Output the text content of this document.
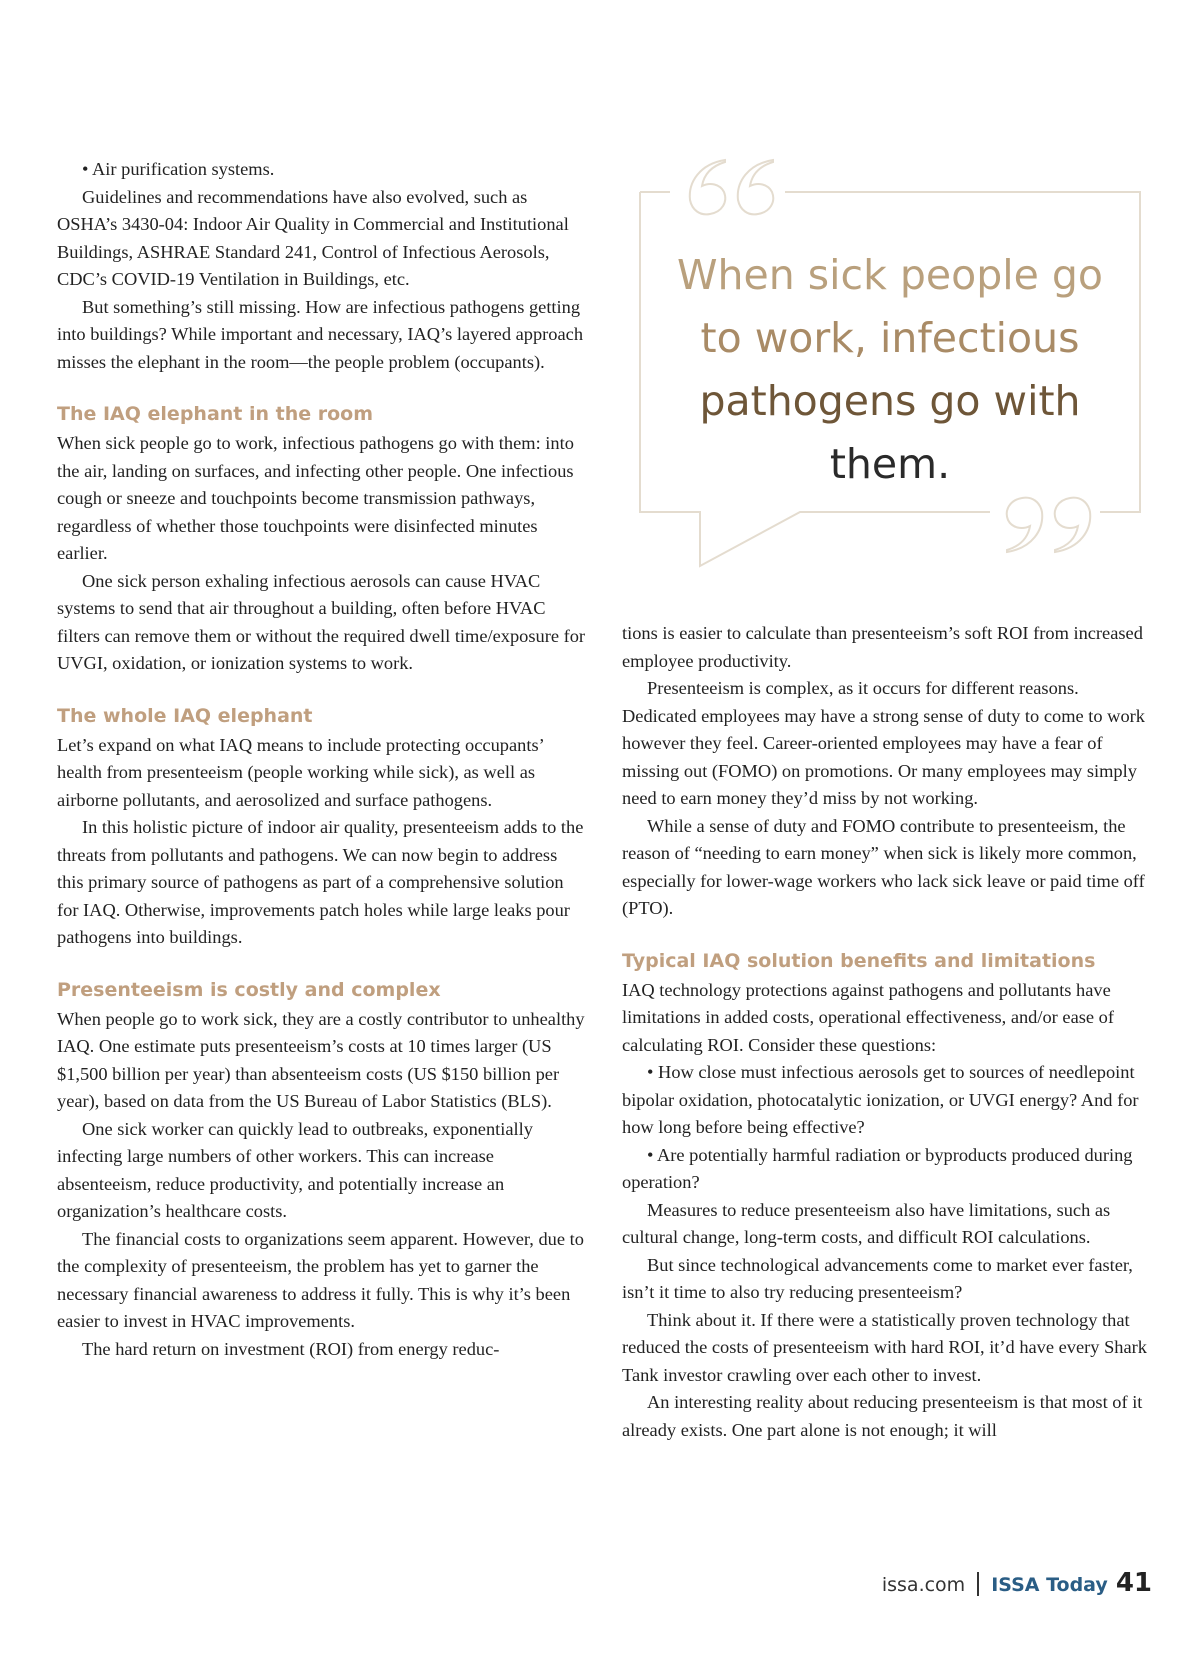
• Air purification systems.

Guidelines and recommendations have also evolved, such as OSHA’s 3430-04: Indoor Air Quality in Commercial and Institutional Buildings, ASHRAE Standard 241, Control of Infectious Aerosols, CDC’s COVID-19 Ventilation in Buildings, etc.

But something’s still missing. How are infectious pathogens getting into buildings? While important and necessary, IAQ’s layered approach misses the elephant in the room—the people problem (occupants).

The IAQ elephant in the room

When sick people go to work, infectious pathogens go with them: into the air, landing on surfaces, and infecting other people. One infectious cough or sneeze and touchpoints become transmission pathways, regardless of whether those touchpoints were disinfected minutes earlier.

One sick person exhaling infectious aerosols can cause HVAC systems to send that air throughout a building, often before HVAC filters can remove them or without the required dwell time/exposure for UVGI, oxidation, or ionization systems to work.

The whole IAQ elephant

Let’s expand on what IAQ means to include protecting occupants’ health from presenteeism (people working while sick), as well as airborne pollutants, and aerosolized and surface pathogens.

In this holistic picture of indoor air quality, presenteeism adds to the threats from pollutants and pathogens. We can now begin to address this primary source of pathogens as part of a comprehensive solution for IAQ. Otherwise, improvements patch holes while large leaks pour pathogens into buildings.

Presenteeism is costly and complex

When people go to work sick, they are a costly contributor to unhealthy IAQ. One estimate puts presenteeism’s costs at 10 times larger (US $1,500 billion per year) than absenteeism costs (US $150 billion per year), based on data from the US Bureau of Labor Statistics (BLS).

One sick worker can quickly lead to outbreaks, exponentially infecting large numbers of other workers. This can increase absenteeism, reduce productivity, and potentially increase an organization’s healthcare costs.

The financial costs to organizations seem apparent. However, due to the complexity of presenteeism, the problem has yet to garner the necessary financial awareness to address it fully. This is why it’s been easier to invest in HVAC improvements.

The hard return on investment (ROI) from energy reduc-

When sick people go

to work, infectious

pathogens go with

them.

tions is easier to calculate than presenteeism’s soft ROI from increased employee productivity.

Presenteeism is complex, as it occurs for different reasons. Dedicated employees may have a strong sense of duty to come to work however they feel. Career-oriented employees may have a fear of missing out (FOMO) on promotions. Or many employees may simply need to earn money they’d miss by not working.

While a sense of duty and FOMO contribute to presenteeism, the reason of “needing to earn money” when sick is likely more common, especially for lower-wage workers who lack sick leave or paid time off (PTO).

Typical IAQ solution benefits and limitations

IAQ technology protections against pathogens and pollutants have limitations in added costs, operational effectiveness, and/or ease of calculating ROI. Consider these questions:

• How close must infectious aerosols get to sources of needlepoint bipolar oxidation, photocatalytic ionization, or UVGI energy? And for how long before being effective?

• Are potentially harmful radiation or byproducts produced during operation?

Measures to reduce presenteeism also have limitations, such as cultural change, long-term costs, and difficult ROI calculations.

But since technological advancements come to market ever faster, isn’t it time to also try reducing presenteeism?

Think about it. If there were a statistically proven technology that reduced the costs of presenteeism with hard ROI, it’d have every Shark Tank investor crawling over each other to invest.

An interesting reality about reducing presenteeism is that most of it already exists. One part alone is not enough; it will

issa.com ISSA Today 41
